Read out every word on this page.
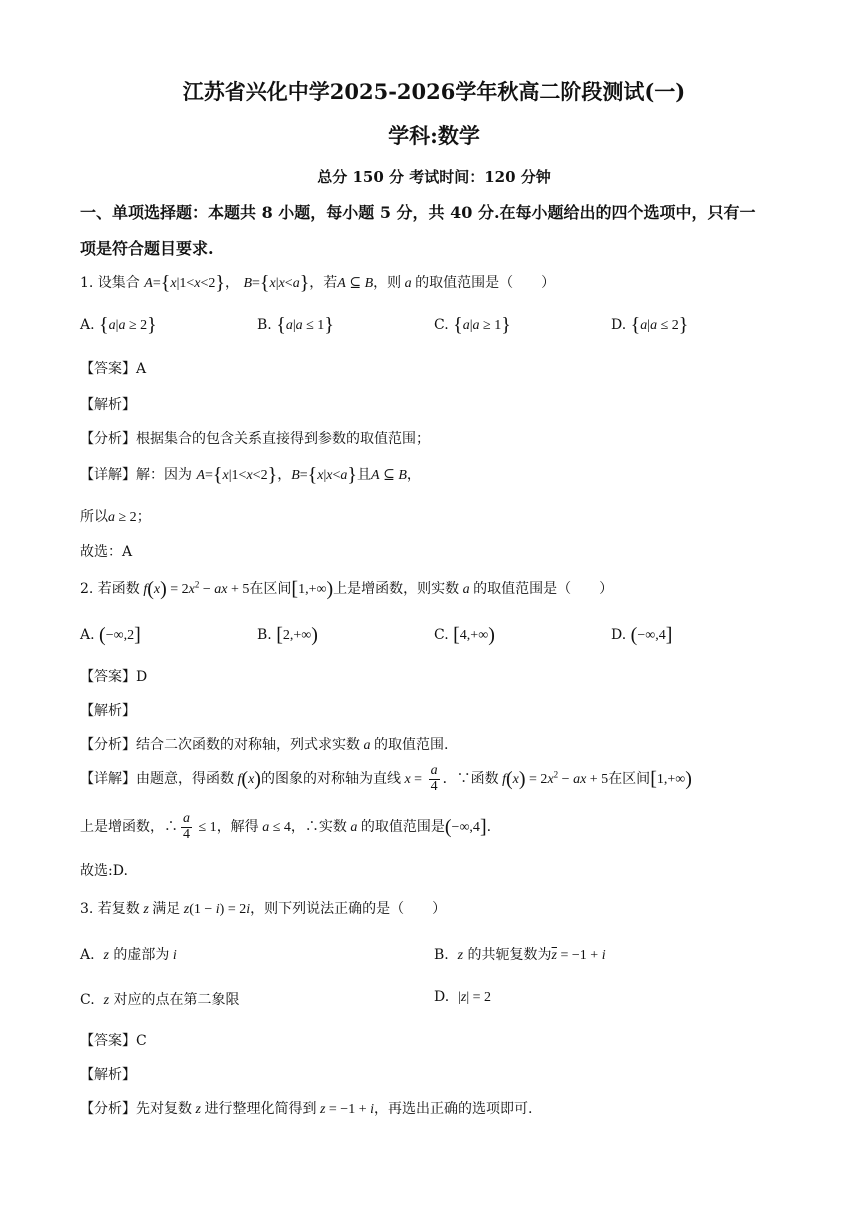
江苏省兴化中学2025-2026学年秋高二阶段测试(一)
学科:数学
总分 150 分 考试时间：120 分钟
一、单项选择题：本题共 8 小题，每小题 5 分，共 40 分.在每小题给出的四个选项中，只有一
项是符合题目要求.
1. 设集合 A={x|1<x<2}， B={x|x<a}，若A ⊆ B，则 a 的取值范围是（　　）
A. {a|a ≥ 2}	B. {a|a ≤ 1}	C. {a|a ≥ 1}	D. {a|a ≤ 2}
【答案】A
【解析】
【分析】根据集合的包含关系直接得到参数的取值范围；
【详解】解：因为 A={x|1<x<2}，B={x|x<a}且A ⊆ B，
所以a ≥ 2；
故选：A
2. 若函数 $f(x) = 2x^2$ − ax + 5在区间[1,+∞)上是增函数，则实数 a 的取值范围是（　　）
A. (−∞,2]	B. [2,+∞)	C. [4,+∞)	D. (−∞,4]
【答案】D
【解析】
【分析】结合二次函数的对称轴，列式求实数 a 的取值范围.
【详解】由题意，得函数 f(x)的图象的对称轴为直线 $x = \frac{a}{4}$ ．∵函数 $f(x) = 2x^2$ − ax + 5在区间[1,+∞)
上是增函数，∴ $\frac{a}{4} \le 1$，解得 a ≤ 4，∴实数 a 的取值范围是(−∞,4].
故选:D.
3. 若复数 z 满足 z(1 − i) = 2i，则下列说法正确的是（　　）
A.  z 的虚部为 i	B.  z 的共轭复数为$\overline{z} = -1 + i$
C.  z 对应的点在第二象限	D.  |z| = 2
【答案】C
【解析】
【分析】先对复数 z 进行整理化简得到 z = −1 + i，再选出正确的选项即可.
